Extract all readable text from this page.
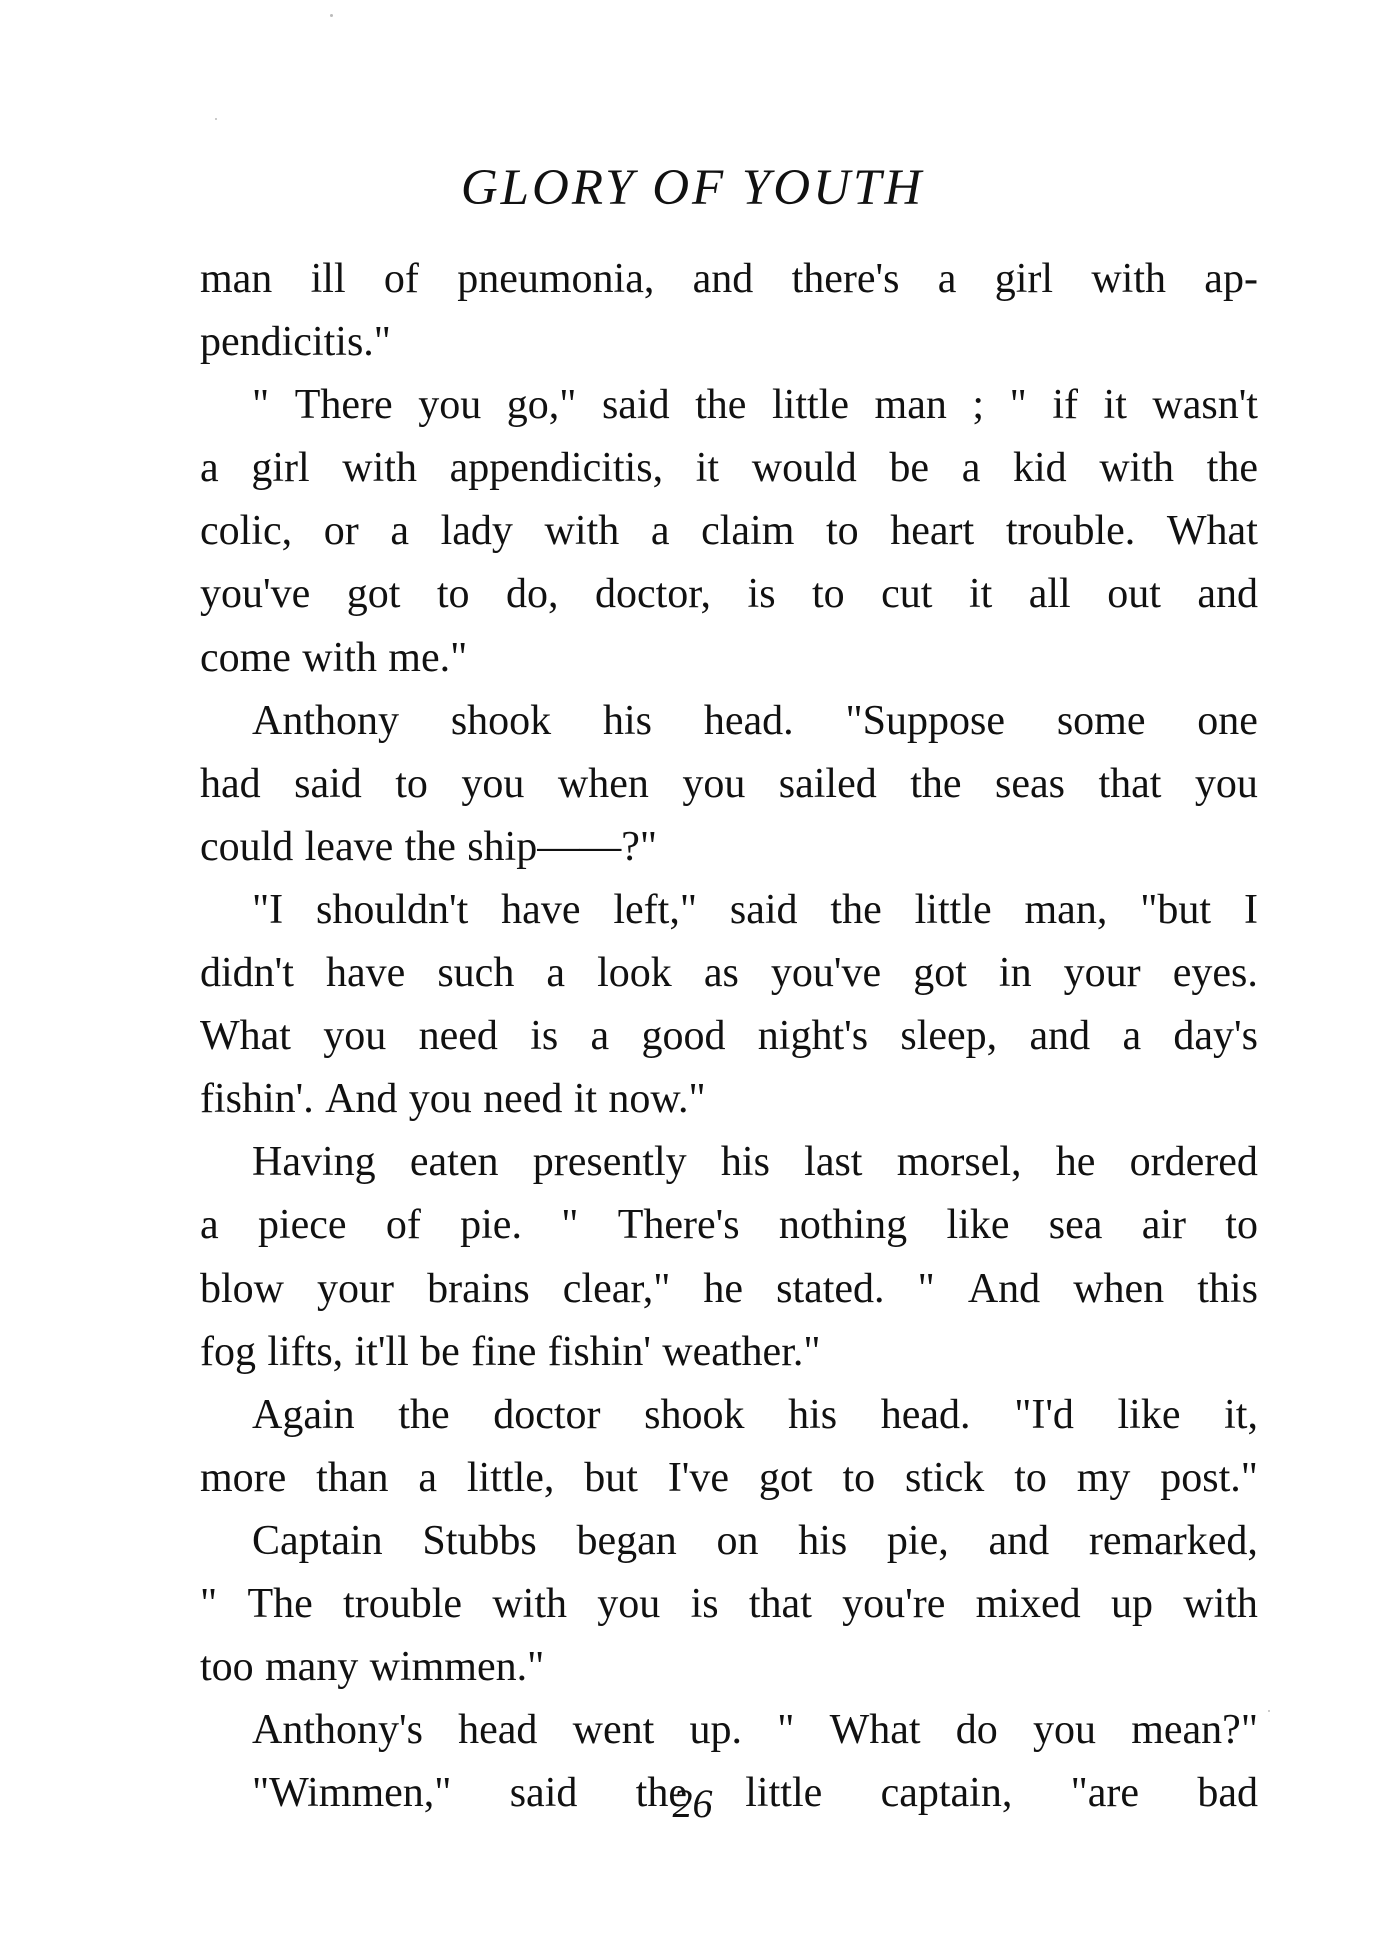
GLORY OF YOUTH
man ill of pneumonia, and there's a girl with ap-
pendicitis."
" There you go," said the little man ; " if it wasn't
a girl with appendicitis, it would be a kid with the
colic, or a lady with a claim to heart trouble. What
you've got to do, doctor, is to cut it all out and
come with me."
Anthony shook his head. "Suppose some one
had said to you when you sailed the seas that you
could leave the ship——?"
"I shouldn't have left," said the little man, "but I
didn't have such a look as you've got in your eyes.
What you need is a good night's sleep, and a day's
fishin'. And you need it now."
Having eaten presently his last morsel, he ordered
a piece of pie. " There's nothing like sea air to
blow your brains clear," he stated. " And when this
fog lifts, it'll be fine fishin' weather."
Again the doctor shook his head. "I'd like it,
more than a little, but I've got to stick to my post."
Captain Stubbs began on his pie, and remarked,
" The trouble with you is that you're mixed up with
too many wimmen."
Anthony's head went up. " What do you mean?"
"Wimmen," said the little captain, "are bad
26
